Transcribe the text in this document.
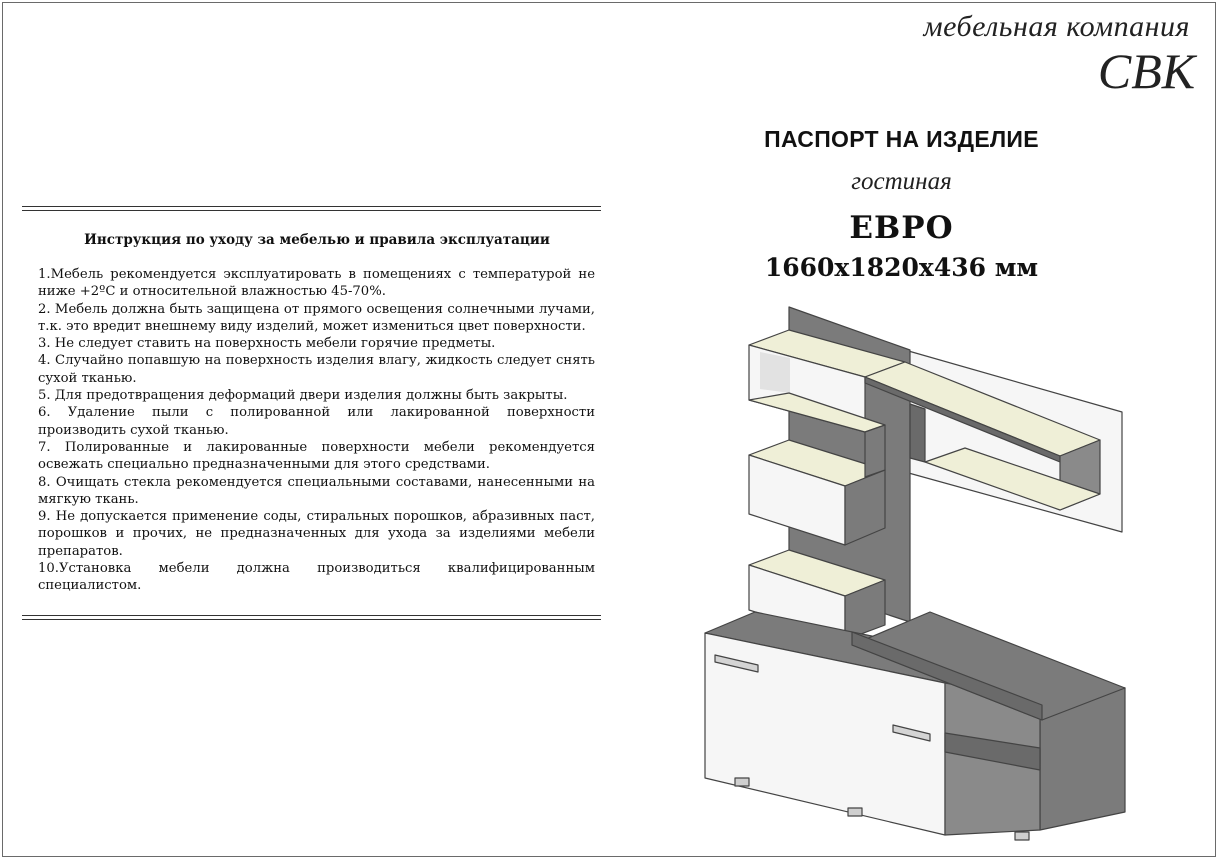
мебельная компания
СВК
ПАСПОРТ НА ИЗДЕЛИЕ
гостиная
ЕВРО
1660х1820х436 мм
Инструкция по уходу за мебелью и правила эксплуатации
1.Мебель рекомендуется эксплуатировать в помещениях с температурой не ниже +2ºС и относительной влажностью 45-70%.
2. Мебель должна быть защищена от прямого освещения солнечными лучами, т.к. это вредит внешнему виду изделий, может измениться цвет поверхности.
3. Не следует ставить на поверхность мебели горячие предметы.
4. Случайно попавшую на поверхность изделия влагу, жидкость следует снять сухой тканью.
5. Для предотвращения деформаций двери изделия должны быть закрыты.
6. Удаление пыли с полированной или лакированной поверхности производить сухой тканью.
7. Полированные и лакированные поверхности мебели рекомендуется освежать специально предназначенными для этого средствами.
8. Очищать стекла рекомендуется специальными составами, нанесенными на мягкую ткань.
9. Не допускается применение соды, стиральных порошков, абразивных паст, порошков и прочих, не предназначенных для ухода за изделиями мебели препаратов.
10.Установка мебели должна производиться квалифицированным специалистом.
